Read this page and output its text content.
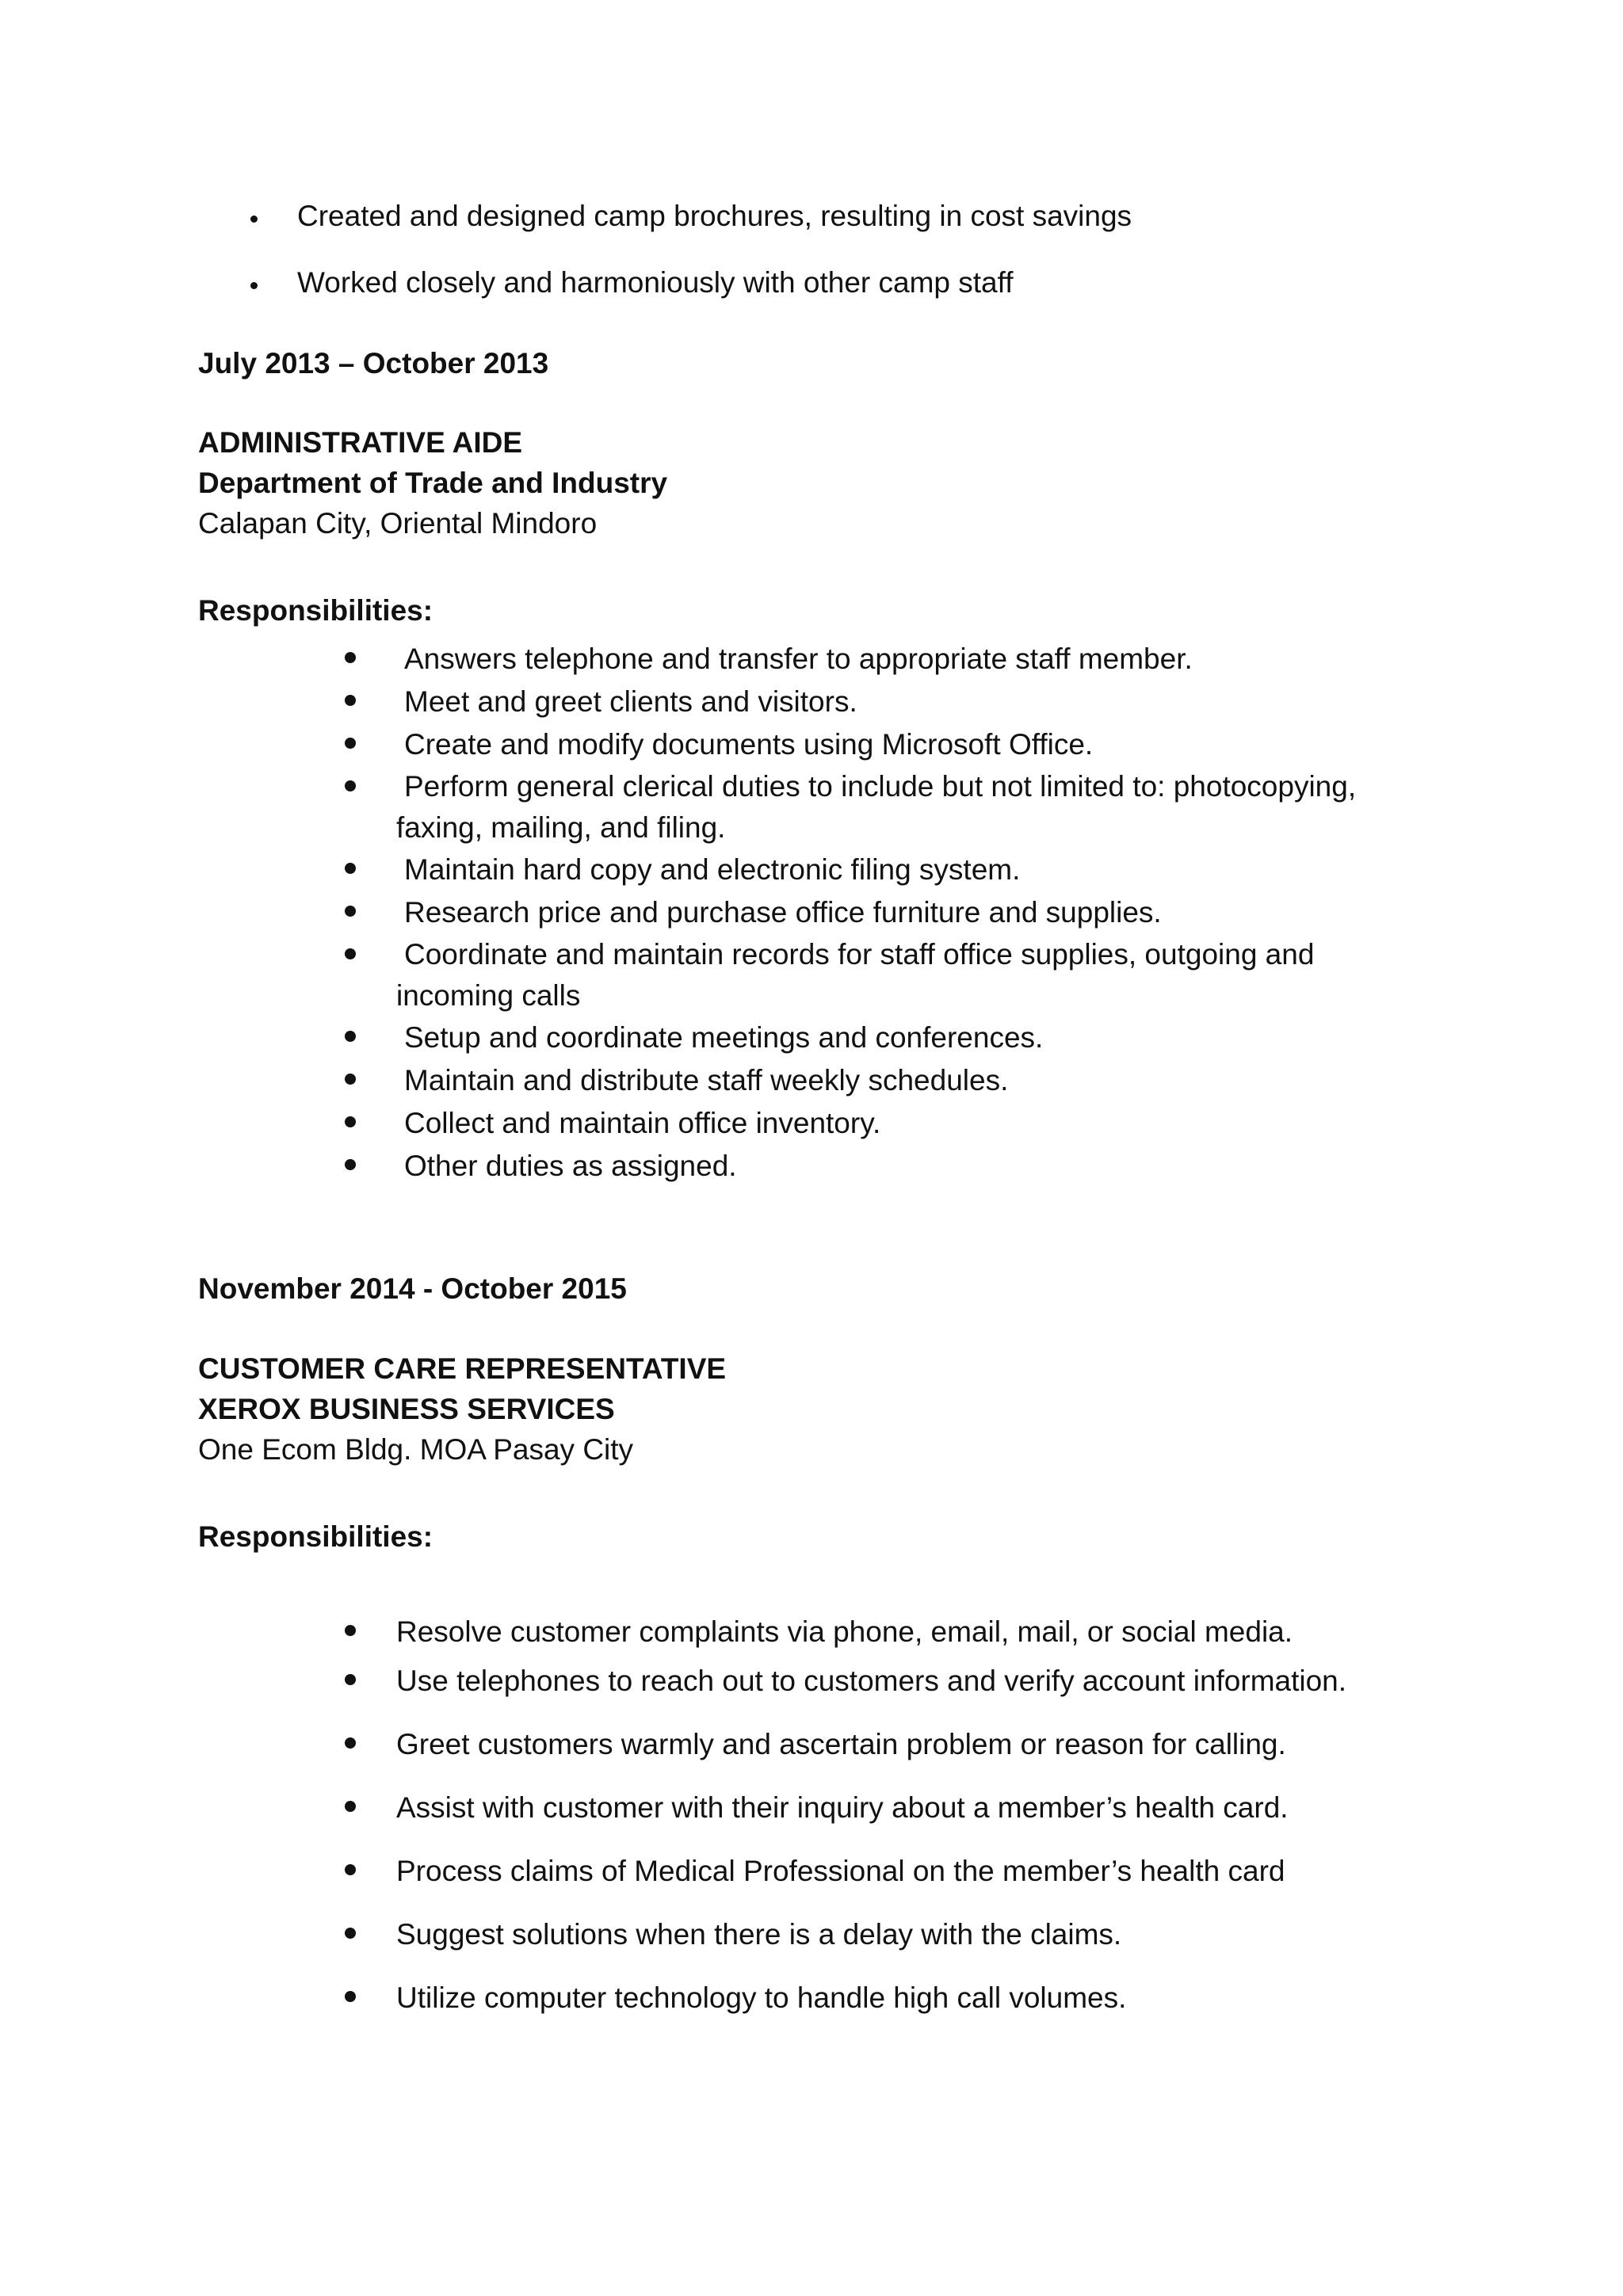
Created and designed camp brochures, resulting in cost savings
Worked closely and harmoniously with other camp staff
July 2013 – October 2013
ADMINISTRATIVE AIDE
Department of Trade and Industry
Calapan City, Oriental Mindoro
Responsibilities:
Answers telephone and transfer to appropriate staff member.
Meet and greet clients and visitors.
Create and modify documents using Microsoft Office.
Perform general clerical duties to include but not limited to: photocopying,
faxing, mailing, and filing.
Maintain hard copy and electronic filing system.
Research price and purchase office furniture and supplies.
Coordinate and maintain records for staff office supplies, outgoing and
incoming calls
Setup and coordinate meetings and conferences.
Maintain and distribute staff weekly schedules.
Collect and maintain office inventory.
Other duties as assigned.
November 2014 - October 2015
CUSTOMER CARE REPRESENTATIVE
XEROX BUSINESS SERVICES
One Ecom Bldg. MOA Pasay City
Responsibilities:
Resolve customer complaints via phone, email, mail, or social media.
Use telephones to reach out to customers and verify account information.
Greet customers warmly and ascertain problem or reason for calling.
Assist with customer with their inquiry about a member’s health card.
Process claims of Medical Professional on the member’s health card
Suggest solutions when there is a delay with the claims.
Utilize computer technology to handle high call volumes.
